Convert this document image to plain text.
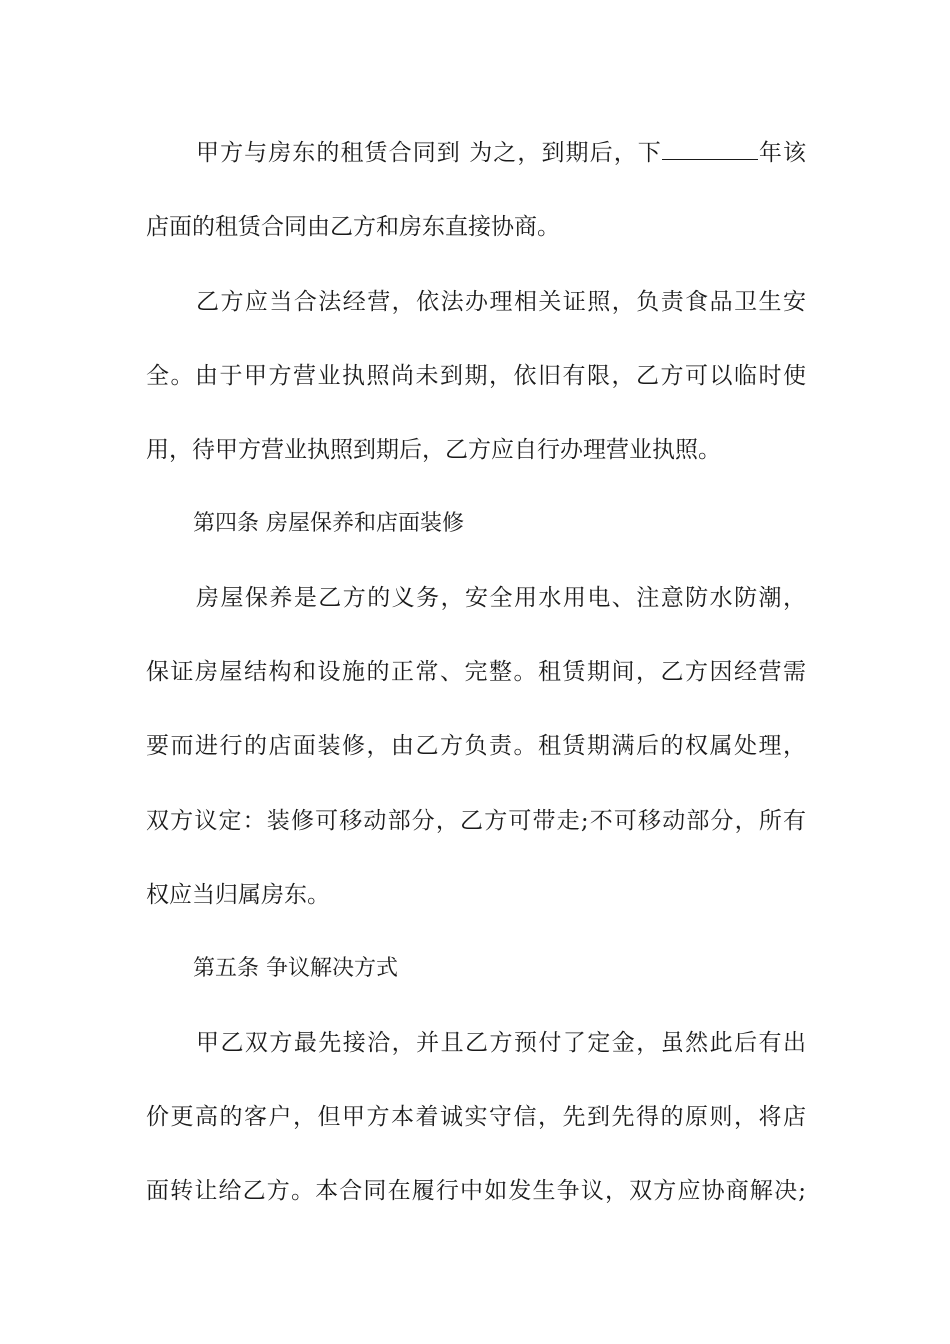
甲方与房东的租赁合同到 为之，到期后，下	年该
店面的租赁合同由乙方和房东直接协商。
乙方应当合法经营，依法办理相关证照，负责食品卫生安
全。由于甲方营业执照尚未到期，依旧有限，乙方可以临时使
用，待甲方营业执照到期后，乙方应自行办理营业执照。
第四条 房屋保养和店面装修
房屋保养是乙方的义务，安全用水用电、注意防水防潮，
保证房屋结构和设施的正常、完整。租赁期间，乙方因经营需
要而进行的店面装修，由乙方负责。租赁期满后的权属处理，
双方议定：装修可移动部分，乙方可带走;不可移动部分，所有
权应当归属房东。
第五条 争议解决方式
甲乙双方最先接洽，并且乙方预付了定金，虽然此后有出
价更高的客户，但甲方本着诚实守信，先到先得的原则，将店
面转让给乙方。本合同在履行中如发生争议，双方应协商解决;
